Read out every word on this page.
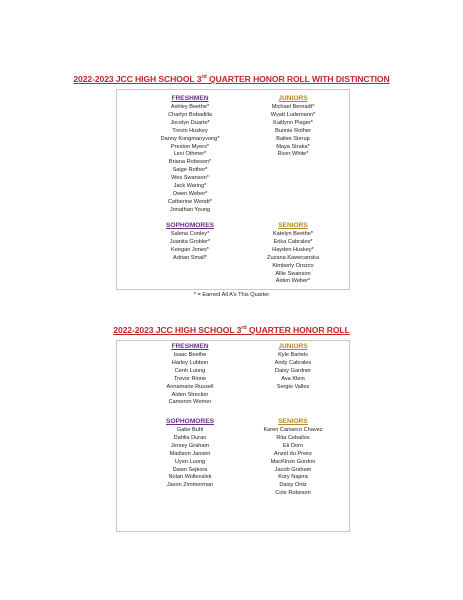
2022-2023 JCC HIGH SCHOOL 3rd QUARTER HONOR ROLL WITH DISTINCTION
FRESHMEN
Ashley Beethe*
Charlyn Bobadilla
Jocelyn Duarte*
Trevin Huskey
Danny Kongmanyvong*
Preston Myers*
Lexi Othmer*
Briana Robeson*
Saige Rother*
Wes Swanson*
Jack Waring*
Owen Weber*
Catherine Wendt*
Jonathan Young
JUNIORS
Michael Bernadt*
Wyatt Ludemann*
Kaitlynn Plager*
Bunnie Rother
Bailee Sterup
Maya Straka*
River White*
SOPHOMORES
Salena Conley*
Juanita Grobler*
Keegan Jones*
Adrian Small*
SENIORS
Katelyn Beethe*
Erika Cabrales*
Hayden Huskey*
Zuzana Kawecanska
Kimberly Orozco
Allie Swanson
Aiden Weber*
* = Earned All A's This Quarter
2022-2023 JCC HIGH SCHOOL 3rd QUARTER HONOR ROLL
FRESHMEN
Isaac Beethe
Harley Lubbon
Cenh Luong
Trevor Rinne
Annamarie Russell
Aiden Strecker
Cameron Werner
JUNIORS
Kyle Bartels
Andy Cabrales
Daisy Gardner
Ava Klein
Sergio Valles
SOPHOMORES
Gabe Buhl
Dahlia Duran
Jersey Graham
Madison Jansen
Uyen Luong
Dawn Sejkora
Nolan Wollenslek
Jaxon Zimmerman
SENIORS
Karen Canseco Chavez
Rita Ceballos
Eli Dorn
Anzel du Preez
MacKinze Gordon
Jacob Graham
Kory Najera
Daisy Ortiz
Cole Robeson
